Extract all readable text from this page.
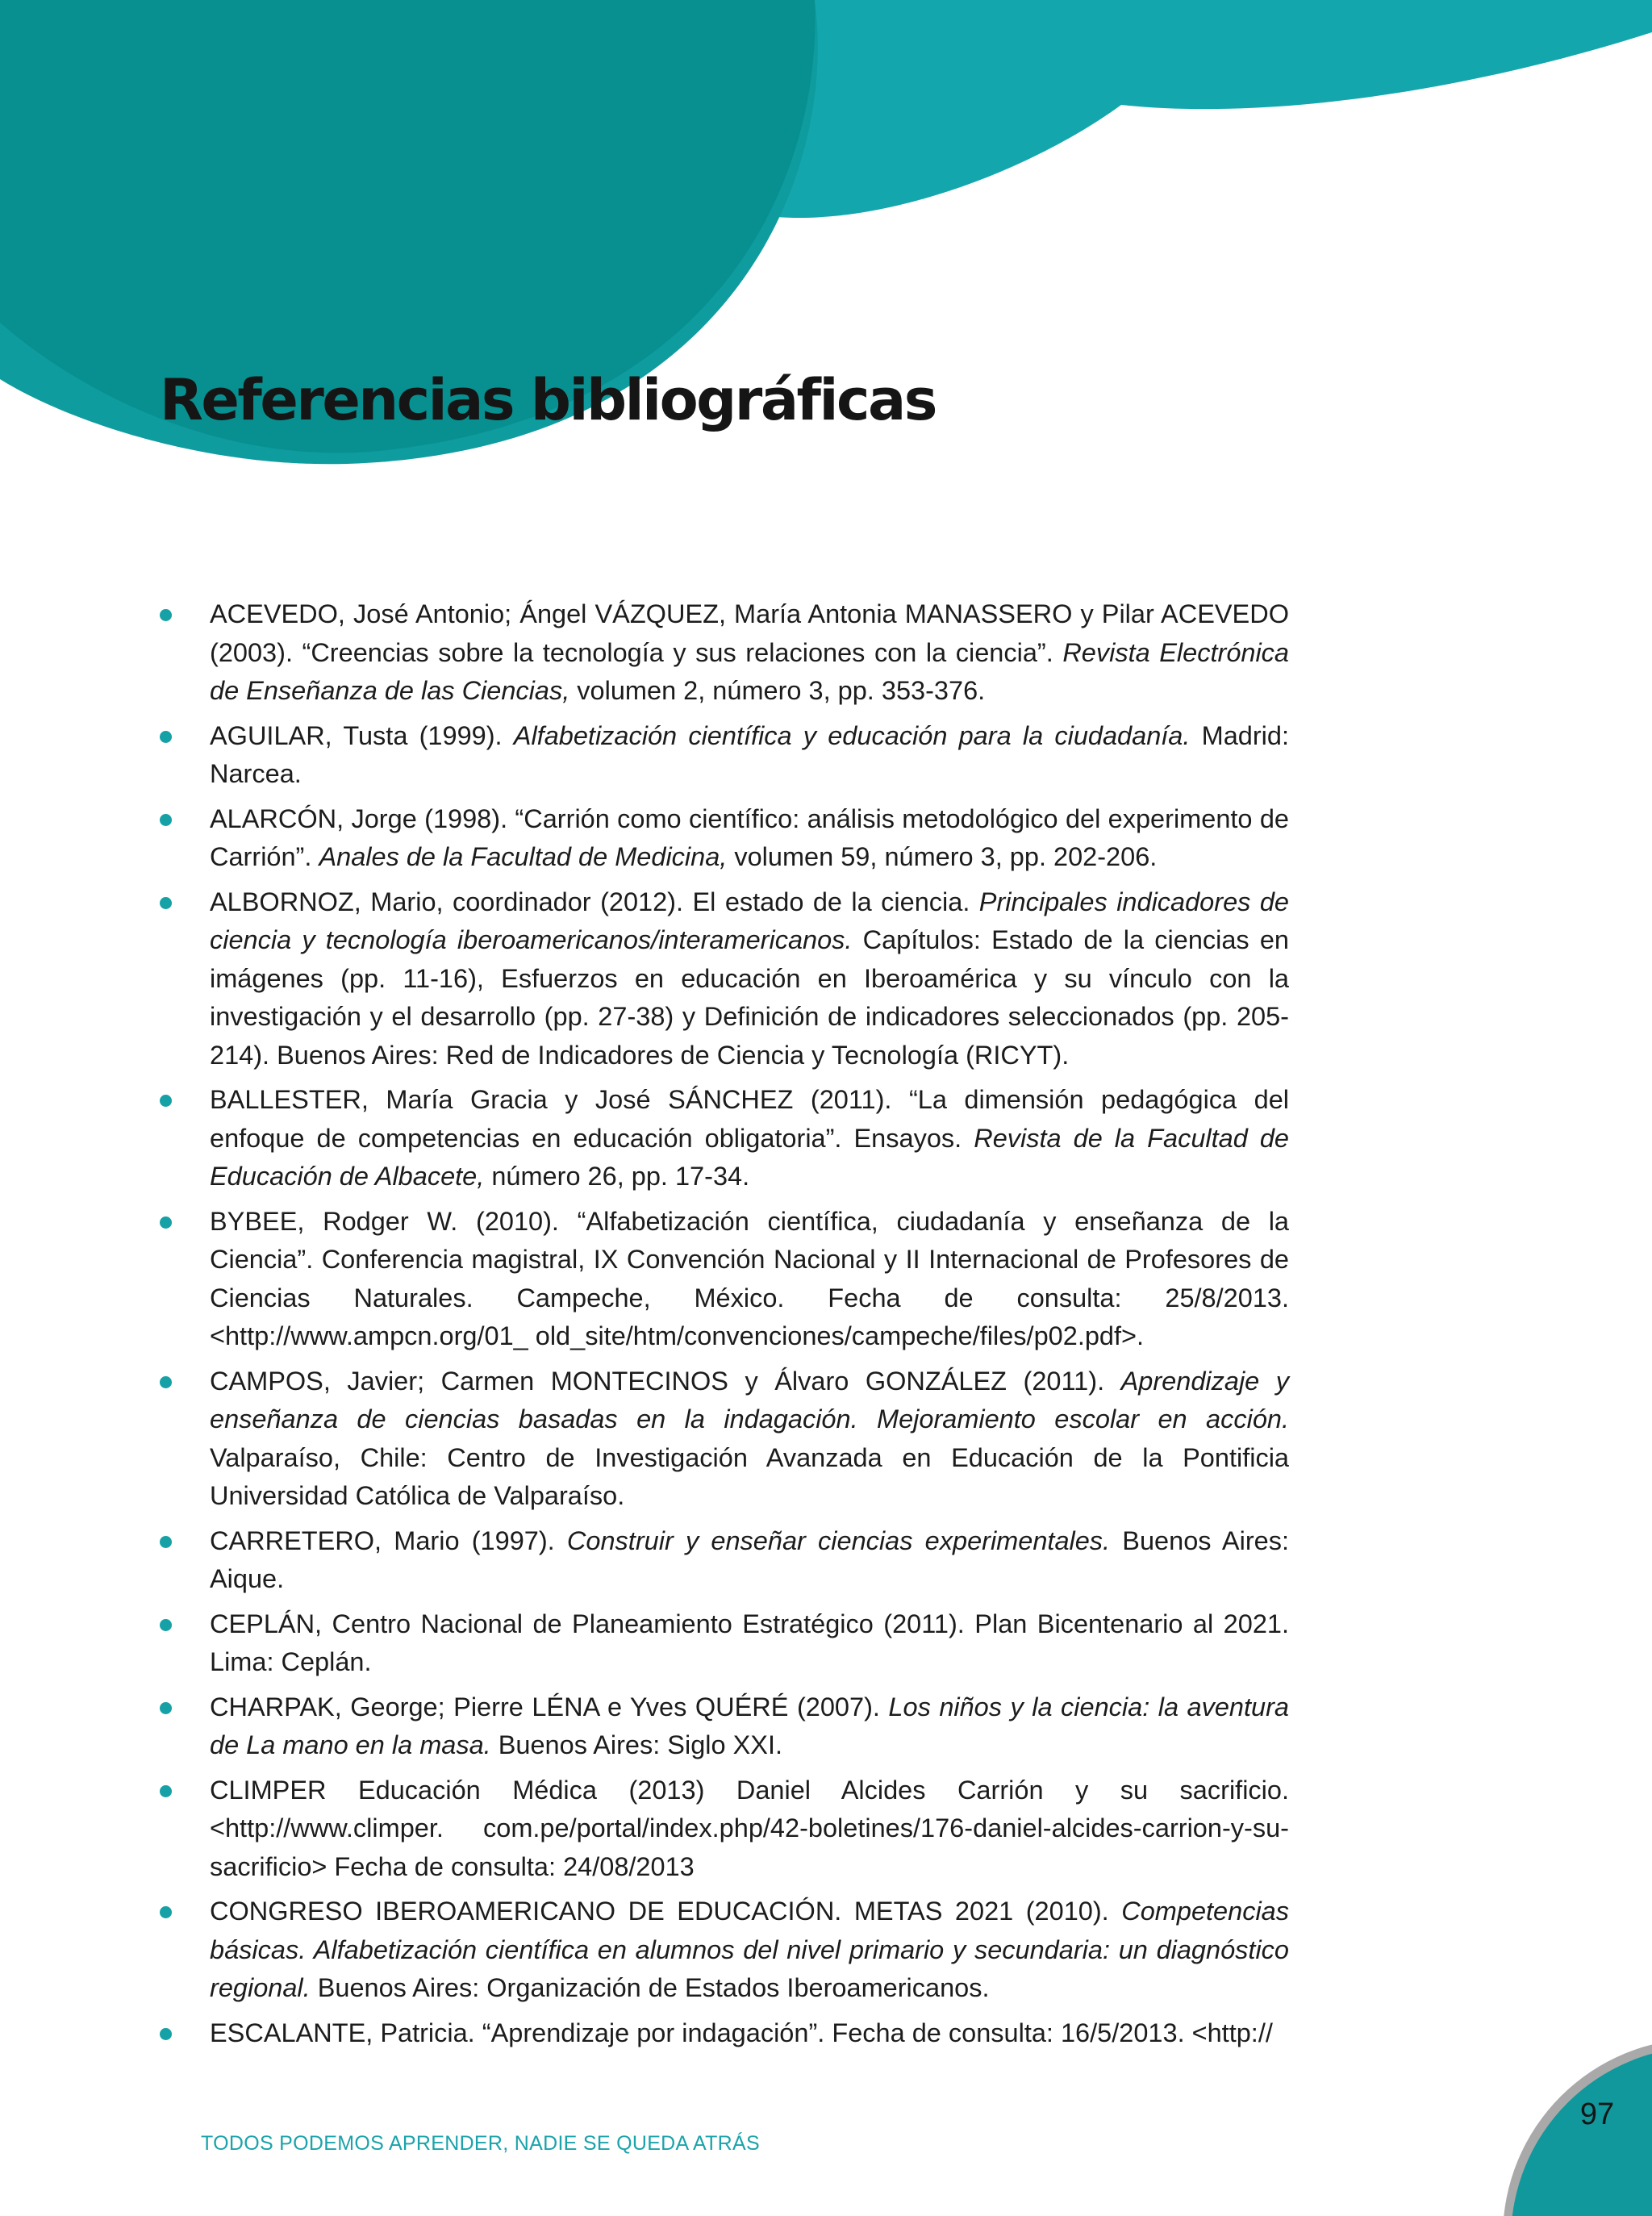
Referencias bibliográficas
ACEVEDO, José Antonio; Ángel VÁZQUEZ, María Antonia MANASSERO y Pilar ACEVEDO (2003). “Creencias sobre la tecnología y sus relaciones con la ciencia”. Revista Electrónica de Enseñanza de las Ciencias, volumen 2, número 3, pp. 353-376.
AGUILAR, Tusta (1999). Alfabetización científica y educación para la ciudadanía. Madrid: Narcea.
ALARCÓN, Jorge (1998). “Carrión como científico: análisis metodológico del experimento de Carrión”. Anales de la Facultad de Medicina, volumen 59, número 3, pp. 202-206.
ALBORNOZ, Mario, coordinador (2012). El estado de la ciencia. Principales indicadores de ciencia y tecnología iberoamericanos/interamericanos. Capítulos: Estado de la ciencias en imágenes (pp. 11-16), Esfuerzos en educación en Iberoamérica y su vínculo con la investigación y el desarrollo (pp. 27-38) y Definición de indicadores seleccionados (pp. 205- 214). Buenos Aires: Red de Indicadores de Ciencia y Tecnología (RICYT).
BALLESTER, María Gracia y José SÁNCHEZ (2011). “La dimensión pedagógica del enfoque de competencias en educación obligatoria”. Ensayos. Revista de la Facultad de Educación de Albacete, número 26, pp. 17-34.
BYBEE, Rodger W. (2010). “Alfabetización científica, ciudadanía y enseñanza de la Ciencia”. Conferencia magistral, IX Convención Nacional y II Internacional de Profesores de Ciencias Naturales. Campeche, México. Fecha de consulta: 25/8/2013. <http://www.ampcn.org/01_ old_site/htm/convenciones/campeche/files/p02.pdf>.
CAMPOS, Javier; Carmen MONTECINOS y Álvaro GONZÁLEZ (2011). Aprendizaje y enseñanza de ciencias basadas en la indagación. Mejoramiento escolar en acción. Valparaíso, Chile: Centro de Investigación Avanzada en Educación de la Pontificia Universidad Católica de Valparaíso.
CARRETERO, Mario (1997). Construir y enseñar ciencias experimentales. Buenos Aires: Aique.
CEPLÁN, Centro Nacional de Planeamiento Estratégico (2011). Plan Bicentenario al 2021. Lima: Ceplán.
CHARPAK, George; Pierre LÉNA e Yves QUÉRÉ (2007). Los niños y la ciencia: la aventura de La mano en la masa. Buenos Aires: Siglo XXI.
CLIMPER Educación Médica (2013) Daniel Alcides Carrión y su sacrificio. <http://www.climper. com.pe/portal/index.php/42-boletines/176-daniel-alcides-carrion-y-su-sacrificio> Fecha de consulta: 24/08/2013
CONGRESO IBEROAMERICANO DE EDUCACIÓN. METAS 2021 (2010). Competencias básicas. Alfabetización científica en alumnos del nivel primario y secundaria: un diagnóstico regional. Buenos Aires: Organización de Estados Iberoamericanos.
ESCALANTE, Patricia. “Aprendizaje por indagación”. Fecha de consulta: 16/5/2013. <http://
TODOS PODEMOS APRENDER, NADIE SE QUEDA ATRÁS
97
